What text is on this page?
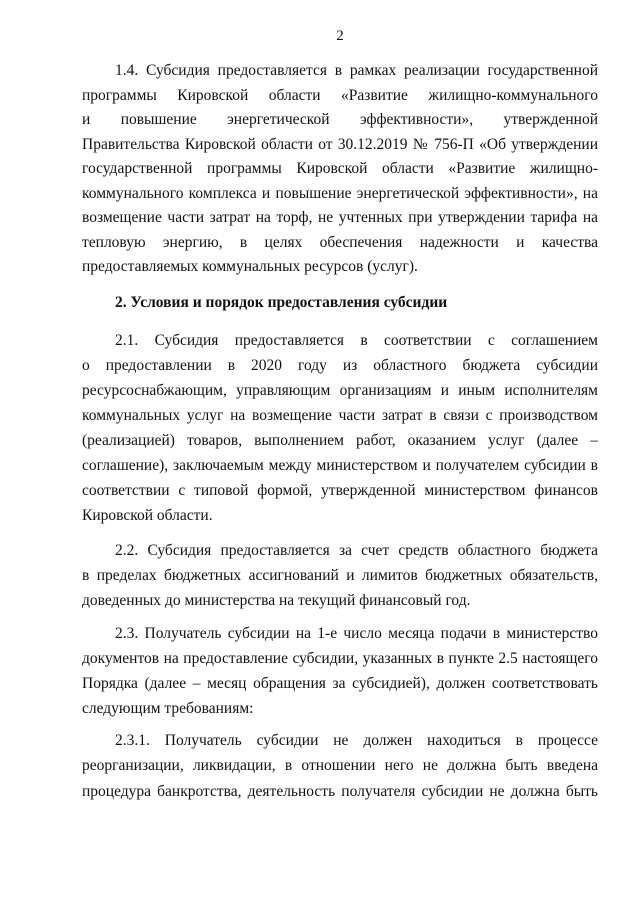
2
1.4. Субсидия предоставляется в рамках реализации государственной
программы Кировской области «Развитие жилищно-коммунального
и повышение энергетической эффективности», утвержденной
Правительства Кировской области от 30.12.2019 № 756-П «Об утверждении
государственной программы Кировской области «Развитие жилищно-
коммунального комплекса и повышение энергетической эффективности», на
возмещение части затрат на торф, не учтенных при утверждении тарифа на
тепловую энергию, в целях обеспечения надежности и качества
предоставляемых коммунальных ресурсов (услуг).
2. Условия и порядок предоставления субсидии
2.1. Субсидия предоставляется в соответствии с соглашением
о предоставлении в 2020 году из областного бюджета субсидии
ресурсоснабжающим, управляющим организациям и иным исполнителям
коммунальных услуг на возмещение части затрат в связи с производством
(реализацией) товаров, выполнением работ, оказанием услуг (далее –
соглашение), заключаемым между министерством и получателем субсидии в
соответствии с типовой формой, утвержденной министерством финансов
Кировской области.
2.2. Субсидия предоставляется за счет средств областного бюджета
в пределах бюджетных ассигнований и лимитов бюджетных обязательств,
доведенных до министерства на текущий финансовый год.
2.3. Получатель субсидии на 1-е число месяца подачи в министерство
документов на предоставление субсидии, указанных в пункте 2.5 настоящего
Порядка (далее – месяц обращения за субсидией), должен соответствовать
следующим требованиям:
2.3.1. Получатель субсидии не должен находиться в процессе
реорганизации, ликвидации, в отношении него не должна быть введена
процедура банкротства, деятельность получателя субсидии не должна быть
